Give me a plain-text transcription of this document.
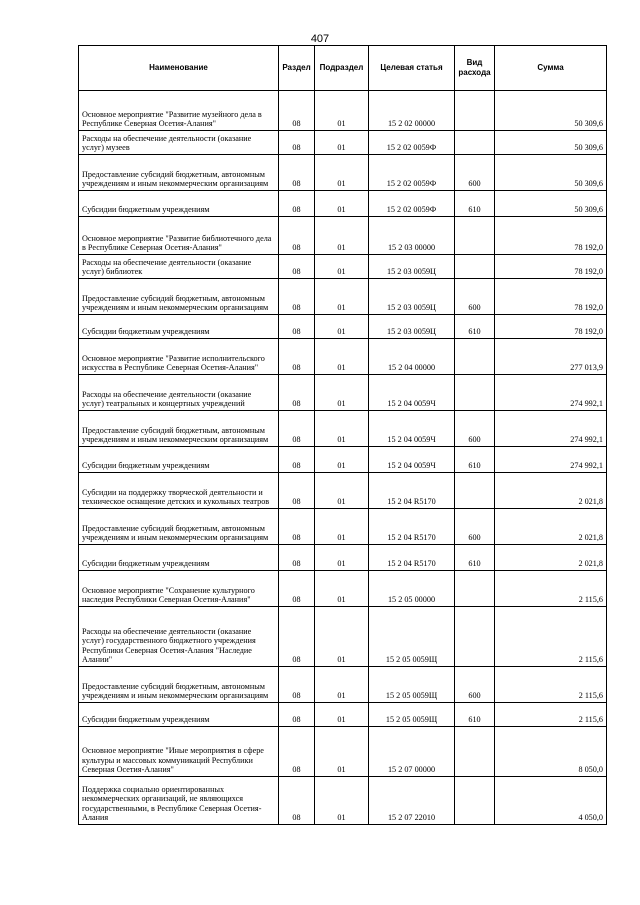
407
Наименование	Раздел	Подраздел	Целевая статья	Вид расхода	Сумма
Основное мероприятие "Развитие музейного дела в Республике Северная Осетия-Алания"	08	01	15 2 02 00000		50 309,6
Расходы на обеспечение деятельности (оказание услуг) музеев	08	01	15 2 02 0059Ф		50 309,6
Предоставление субсидий бюджетным, автономным учреждениям и иным некоммерческим организациям	08	01	15 2 02 0059Ф	600	50 309,6
Субсидии бюджетным учреждениям	08	01	15 2 02 0059Ф	610	50 309,6
Основное мероприятие "Развитие библиотечного дела в Республике Северная Осетия-Алания"	08	01	15 2 03 00000		78 192,0
Расходы на обеспечение деятельности (оказание услуг) библиотек	08	01	15 2 03 0059Ц		78 192,0
Предоставление субсидий бюджетным, автономным учреждениям и иным некоммерческим организациям	08	01	15 2 03 0059Ц	600	78 192,0
Субсидии бюджетным учреждениям	08	01	15 2 03 0059Ц	610	78 192,0
Основное мероприятие "Развитие исполнительского искусства в Республике Северная Осетия-Алания"	08	01	15 2 04 00000		277 013,9
Расходы на обеспечение деятельности (оказание услуг) театральных и концертных учреждений	08	01	15 2 04 0059Ч		274 992,1
Предоставление субсидий бюджетным, автономным учреждениям и иным некоммерческим организациям	08	01	15 2 04 0059Ч	600	274 992,1
Субсидии бюджетным учреждениям	08	01	15 2 04 0059Ч	610	274 992,1
Субсидии на поддержку творческой деятельности и техническое оснащение детских и кукольных театров	08	01	15 2 04 R5170		2 021,8
Предоставление субсидий бюджетным, автономным учреждениям и иным некоммерческим организациям	08	01	15 2 04 R5170	600	2 021,8
Субсидии бюджетным учреждениям	08	01	15 2 04 R5170	610	2 021,8
Основное мероприятие "Сохранение культурного наследия Республики Северная Осетия-Алания"	08	01	15 2 05 00000		2 115,6
Расходы на обеспечение деятельности (оказание услуг) государственного бюджетного учреждения Республики Северная Осетия-Алания "Наследие Алании"	08	01	15 2 05 0059Щ		2 115,6
Предоставление субсидий бюджетным, автономным учреждениям и иным некоммерческим организациям	08	01	15 2 05 0059Щ	600	2 115,6
Субсидии бюджетным учреждениям	08	01	15 2 05 0059Щ	610	2 115,6
Основное мероприятие "Иные мероприятия в сфере культуры и массовых коммуникаций Республики Северная Осетия-Алания"	08	01	15 2 07 00000		8 050,0
Поддержка социально ориентированных некоммерческих организаций, не являющихся государственными, в Республике Северная Осетия-Алания	08	01	15 2 07 22010		4 050,0
